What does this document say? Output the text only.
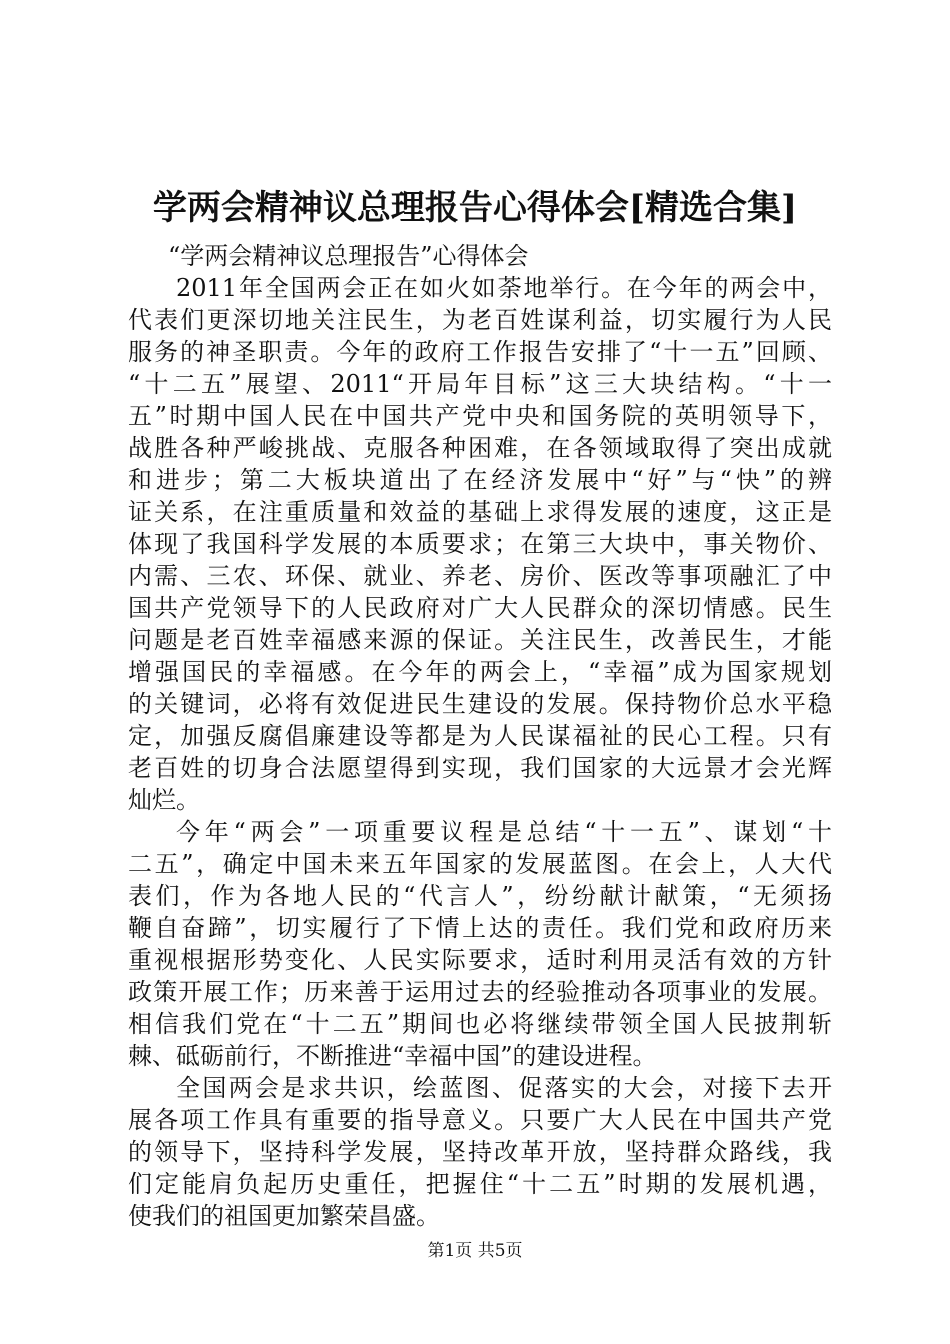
学两会精神议总理报告心得体会[精选合集]
“学两会精神议总理报告”心得体会
2011年全国两会正在如火如荼地举行。在今年的两会中，
代表们更深切地关注民生，为老百姓谋利益，切实履行为人民
服务的神圣职责。今年的政府工作报告安排了“十一五”回顾、
“十二五”展望、2011“开局年目标”这三大块结构。“十一
五”时期中国人民在中国共产党中央和国务院的英明领导下，
战胜各种严峻挑战、克服各种困难，在各领域取得了突出成就
和进步；第二大板块道出了在经济发展中“好”与“快”的辨
证关系，在注重质量和效益的基础上求得发展的速度，这正是
体现了我国科学发展的本质要求；在第三大块中，事关物价、
内需、三农、环保、就业、养老、房价、医改等事项融汇了中
国共产党领导下的人民政府对广大人民群众的深切情感。民生
问题是老百姓幸福感来源的保证。关注民生，改善民生，才能
增强国民的幸福感。在今年的两会上，“幸福”成为国家规划
的关键词，必将有效促进民生建设的发展。保持物价总水平稳
定，加强反腐倡廉建设等都是为人民谋福祉的民心工程。只有
老百姓的切身合法愿望得到实现，我们国家的大远景才会光辉
灿烂。
今年“两会”一项重要议程是总结“十一五”、谋划“十
二五”，确定中国未来五年国家的发展蓝图。在会上，人大代
表们，作为各地人民的“代言人”，纷纷献计献策，“无须扬
鞭自奋蹄”，切实履行了下情上达的责任。我们党和政府历来
重视根据形势变化、人民实际要求，适时利用灵活有效的方针
政策开展工作；历来善于运用过去的经验推动各项事业的发展。
相信我们党在“十二五”期间也必将继续带领全国人民披荆斩
棘、砥砺前行，不断推进“幸福中国”的建设进程。
全国两会是求共识，绘蓝图、促落实的大会，对接下去开
展各项工作具有重要的指导意义。只要广大人民在中国共产党
的领导下，坚持科学发展，坚持改革开放，坚持群众路线，我
们定能肩负起历史重任，把握住“十二五”时期的发展机遇，
使我们的祖国更加繁荣昌盛。
第1页 共5页
